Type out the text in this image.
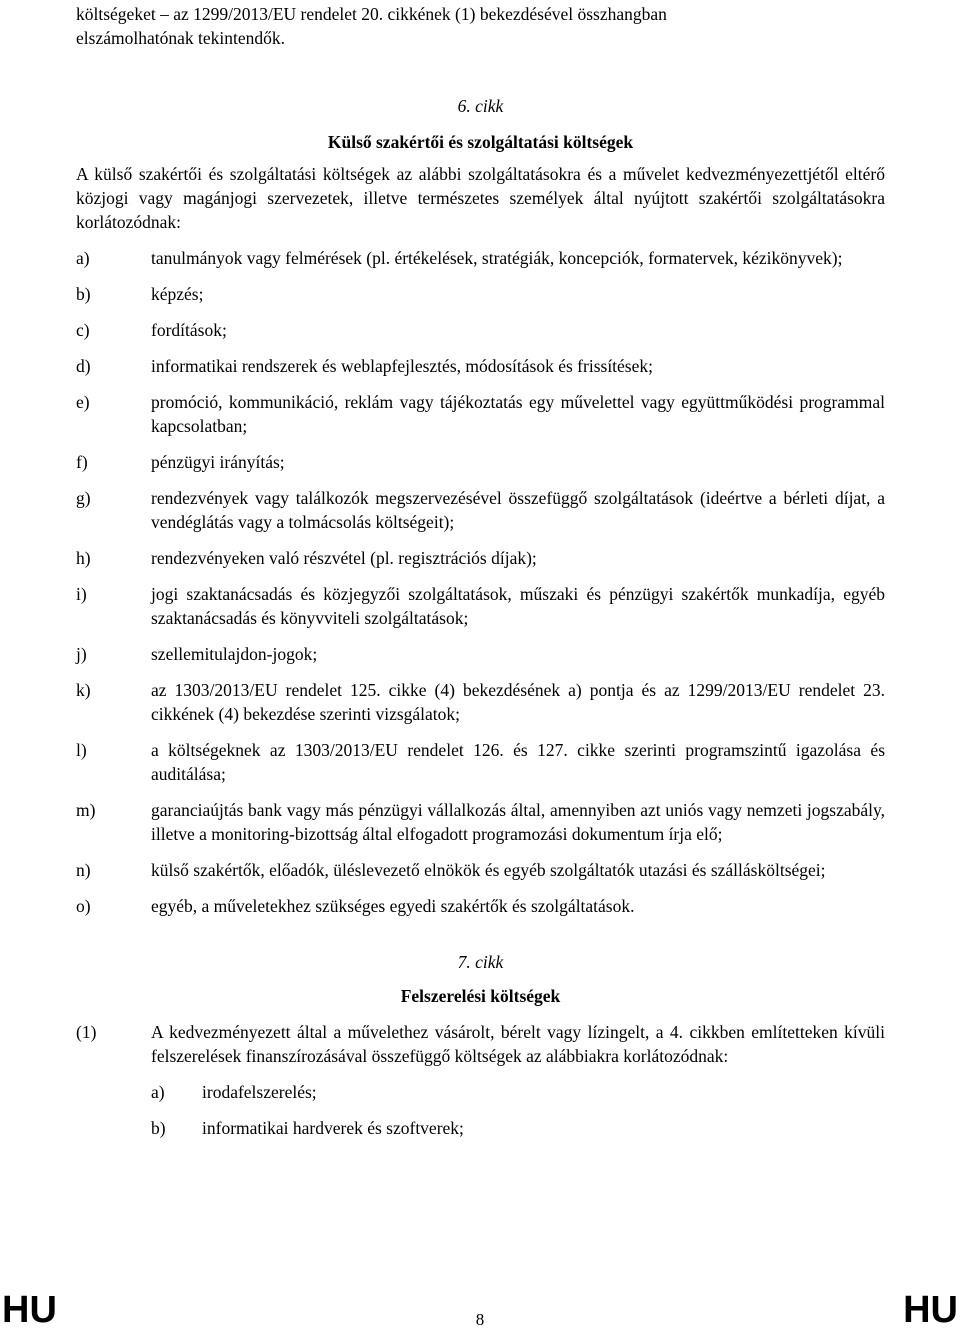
költségeket – az 1299/2013/EU rendelet 20. cikkének (1) bekezdésével összhangban

elszámolhatónak tekintendők.

6. cikk

Külső szakértői és szolgáltatási költségek

A külső szakértői és szolgáltatási költségek az alábbi szolgáltatásokra és a művelet kedvezményezettjétől eltérő közjogi vagy magánjogi szervezetek, illetve természetes személyek által nyújtott szakértői szolgáltatásokra korlátozódnak:

a)	tanulmányok vagy felmérések (pl. értékelések, stratégiák, koncepciók, formatervek, kézikönyvek);
b)	képzés;
c)	fordítások;
d)	informatikai rendszerek és weblapfejlesztés, módosítások és frissítések;
e)	promóció, kommunikáció, reklám vagy tájékoztatás egy művelettel vagy együttműködési programmal kapcsolatban;
f)	pénzügyi irányítás;
g)	rendezvények vagy találkozók megszervezésével összefüggő szolgáltatások (ideértve a bérleti díjat, a vendéglátás vagy a tolmácsolás költségeit);
h)	rendezvényeken való részvétel (pl. regisztrációs díjak);
i)	jogi szaktanácsadás és közjegyzői szolgáltatások, műszaki és pénzügyi szakértők munkadíja, egyéb szaktanácsadás és könyvviteli szolgáltatások;
j)	szellemitulajdon-jogok;
k)	az 1303/2013/EU rendelet 125. cikke (4) bekezdésének a) pontja és az 1299/2013/EU rendelet 23. cikkének (4) bekezdése szerinti vizsgálatok;
l)	a költségeknek az 1303/2013/EU rendelet 126. és 127. cikke szerinti programszintű igazolása és auditálása;
m)	garanciaújtás bank vagy más pénzügyi vállalkozás által, amennyiben azt uniós vagy nemzeti jogszabály, illetve a monitoring-bizottság által elfogadott programozási dokumentum írja elő;
n)	külső szakértők, előadók, üléslevezető elnökök és egyéb szolgáltatók utazási és szállásköltségei;
o)	egyéb, a műveletekhez szükséges egyedi szakértők és szolgáltatások.

7. cikk

Felszerelési költségek

(1)	A kedvezményezett által a művelethez vásárolt, bérelt vagy lízingelt, a 4. cikkben említetteken kívüli felszerelések finanszírozásával összefüggő költségek az alábbiakra korlátozódnak:
a)	irodafelszerelés;
b)	informatikai hardverek és szoftverek;
HU	8	HU
